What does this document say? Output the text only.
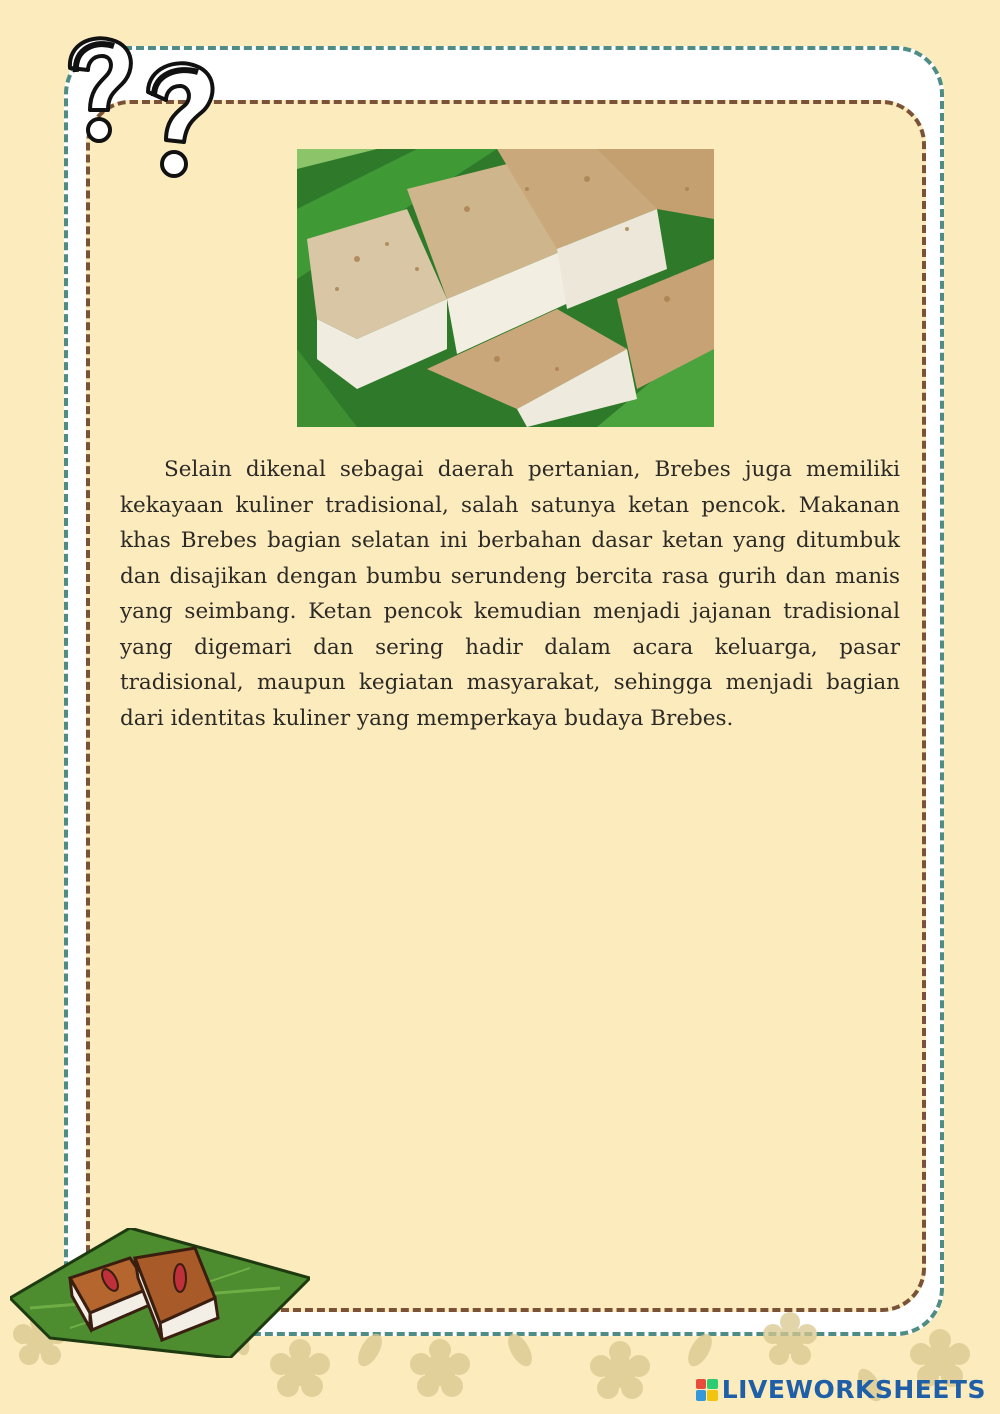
Selain dikenal sebagai daerah pertanian, Brebes juga memiliki kekayaan kuliner tradisional, salah satunya ketan pencok. Makanan khas Brebes bagian selatan ini berbahan dasar ketan yang ditumbuk dan disajikan dengan bumbu serundeng bercita rasa gurih dan manis yang seimbang. Ketan pencok kemudian menjadi jajanan tradisional yang digemari dan sering hadir dalam acara keluarga, pasar tradisional, maupun kegiatan masyarakat, sehingga menjadi bagian dari identitas kuliner yang memperkaya budaya Brebes.

LIVEWORKSHEETS
